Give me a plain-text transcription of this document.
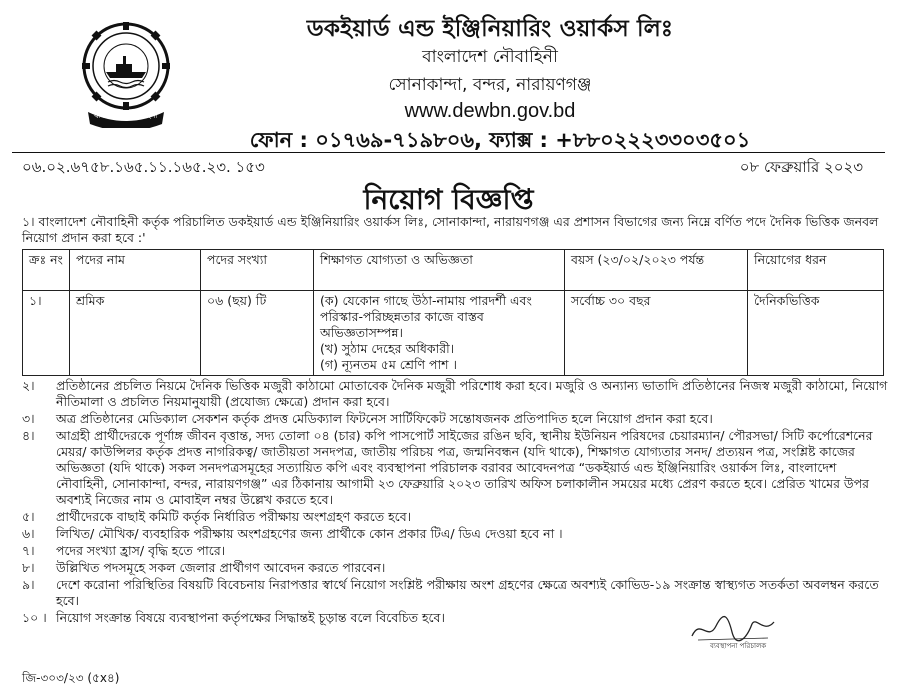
বাংলাদেশ নৌবাহিনী
ডকইয়ার্ড এন্ড ইঞ্জিনিয়ারিং ওয়ার্কস লিঃ
বাংলাদেশ নৌবাহিনী
সোনাকান্দা, বন্দর, নারায়ণগঞ্জ
www.dewbn.gov.bd
ফোন : ০১৭৬৯-৭১৯৮০৬, ফ্যাক্স : +৮৮০২২২৩৩০৩৫০১
০৬.০২.৬৭৫৮.১৬৫.১১.১৬৫.২৩. ১৫৩	০৮ ফেব্রুয়ারি ২০২৩
নিয়োগ বিজ্ঞপ্তি
১। বাংলাদেশ নৌবাহিনী কর্তৃক পরিচালিত ডকইয়ার্ড এন্ড ইঞ্জিনিয়ারিং ওয়ার্কস লিঃ, সোনাকান্দা, নারায়ণগঞ্জ এর প্রশাসন বিভাগের জন্য নিম্নে বর্ণিত পদে দৈনিক ভিত্তিক জনবল নিয়োগ প্রদান করা হবে :'
ক্রঃ নং	পদের নাম	পদের সংখ্যা	শিক্ষাগত যোগ্যতা ও অভিজ্ঞতা	বয়স (২৩/০২/২০২৩ পর্যন্ত	নিয়োগের ধরন
১।	শ্রমিক	০৬ (ছয়) টি	(ক) যেকোন গাছে উঠা-নামায় পারদর্শী এবং
পরিস্কার-পরিচ্ছন্নতার কাজে বাস্তব
অভিজ্ঞতাসম্পন্ন।
(খ) সুঠাম দেহের অধিকারী।
(গ) ন্যূনতম ৫ম শ্রেণি পাশ ।	সর্বোচ্চ ৩০ বছর	দৈনিকভিত্তিক
২।	প্রতিষ্ঠানের প্রচলিত নিয়মে দৈনিক ভিত্তিক মজুরী কাঠামো মোতাবেক দৈনিক মজুরী পরিশোধ করা হবে। মজুরি ও অন্যান্য ভাতাদি প্রতিষ্ঠানের নিজস্ব মজুরী কাঠামো, নিয়োগ নীতিমালা ও প্রচলিত নিয়মানুযায়ী (প্রযোজ্য ক্ষেত্রে) প্রদান করা হবে।
৩।	অত্র প্রতিষ্ঠানের মেডিক্যাল সেকশন কর্তৃক প্রদত্ত মেডিক্যাল ফিটনেস সার্টিফিকেট সন্তোষজনক প্রতিপাদিত হলে নিয়োগ প্রদান করা হবে।
৪।	আগ্রহী প্রার্থীদেরকে পূর্ণাঙ্গ জীবন বৃত্তান্ত, সদ্য তোলা ০৪ (চার) কপি পাসপোর্ট সাইজের রঙিন ছবি, স্থানীয় ইউনিয়ন পরিষদের চেয়ারম্যান/ পৌরসভা/ সিটি কর্পোরেশনের মেয়র/ কাউন্সিলর কর্তৃক প্রদত্ত নাগরিকত্ব/ জাতীয়তা সনদপত্র, জাতীয় পরিচয় পত্র, জন্মনিবন্ধন (যদি থাকে), শিক্ষাগত যোগ্যতার সনদ/ প্রত্যয়ন পত্র, সংশ্লিষ্ট কাজের অভিজ্ঞতা (যদি থাকে) সকল সনদপত্রসমূহের সত্যায়িত কপি এবং ব্যবস্থাপনা পরিচালক বরাবর আবেদনপত্র “ডকইয়ার্ড এন্ড ইঞ্জিনিয়ারিং ওয়ার্কস লিঃ, বাংলাদেশ নৌবাহিনী, সোনাকান্দা, বন্দর, নারায়ণগঞ্জ” এর ঠিকানায় আগামী ২৩ ফেব্রুয়ারি ২০২৩ তারিখ অফিস চলাকালীন সময়ের মধ্যে প্রেরণ করতে হবে। প্রেরিত খামের উপর অবশ্যই নিজের নাম ও মোবাইল নম্বর উল্লেখ করতে হবে।
৫।	প্রার্থীদেরকে বাছাই কমিটি কর্তৃক নির্ধারিত পরীক্ষায় অংশগ্রহণ করতে হবে।
৬।	লিখিত/ মৌখিক/ ব্যবহারিক পরীক্ষায় অংশগ্রহণের জন্য প্রার্থীকে কোন প্রকার টিএ/ ডিএ দেওয়া হবে না ।
৭।	পদের সংখ্যা হ্রাস/ বৃদ্ধি হতে পারে।
৮।	উল্লিখিত পদসমূহে সকল জেলার প্রার্থীগণ আবেদন করতে পারবেন।
৯।	দেশে করোনা পরিস্থিতির বিষয়টি বিবেচনায় নিরাপত্তার স্বার্থে নিয়োগ সংশ্লিষ্ট পরীক্ষায় অংশ গ্রহণের ক্ষেত্রে অবশ্যই কোভিড-১৯ সংক্রান্ত স্বাস্থ্যগত সতর্কতা অবলম্বন করতে হবে।
১০ । নিয়োগ সংক্রান্ত বিষয়ে ব্যবস্থাপনা কর্তৃপক্ষের সিদ্ধান্তই চূড়ান্ত বলে বিবেচিত হবে।
ব্যবস্থাপনা পরিচালক
জি-৩০৩/২৩ (৫x৪)
